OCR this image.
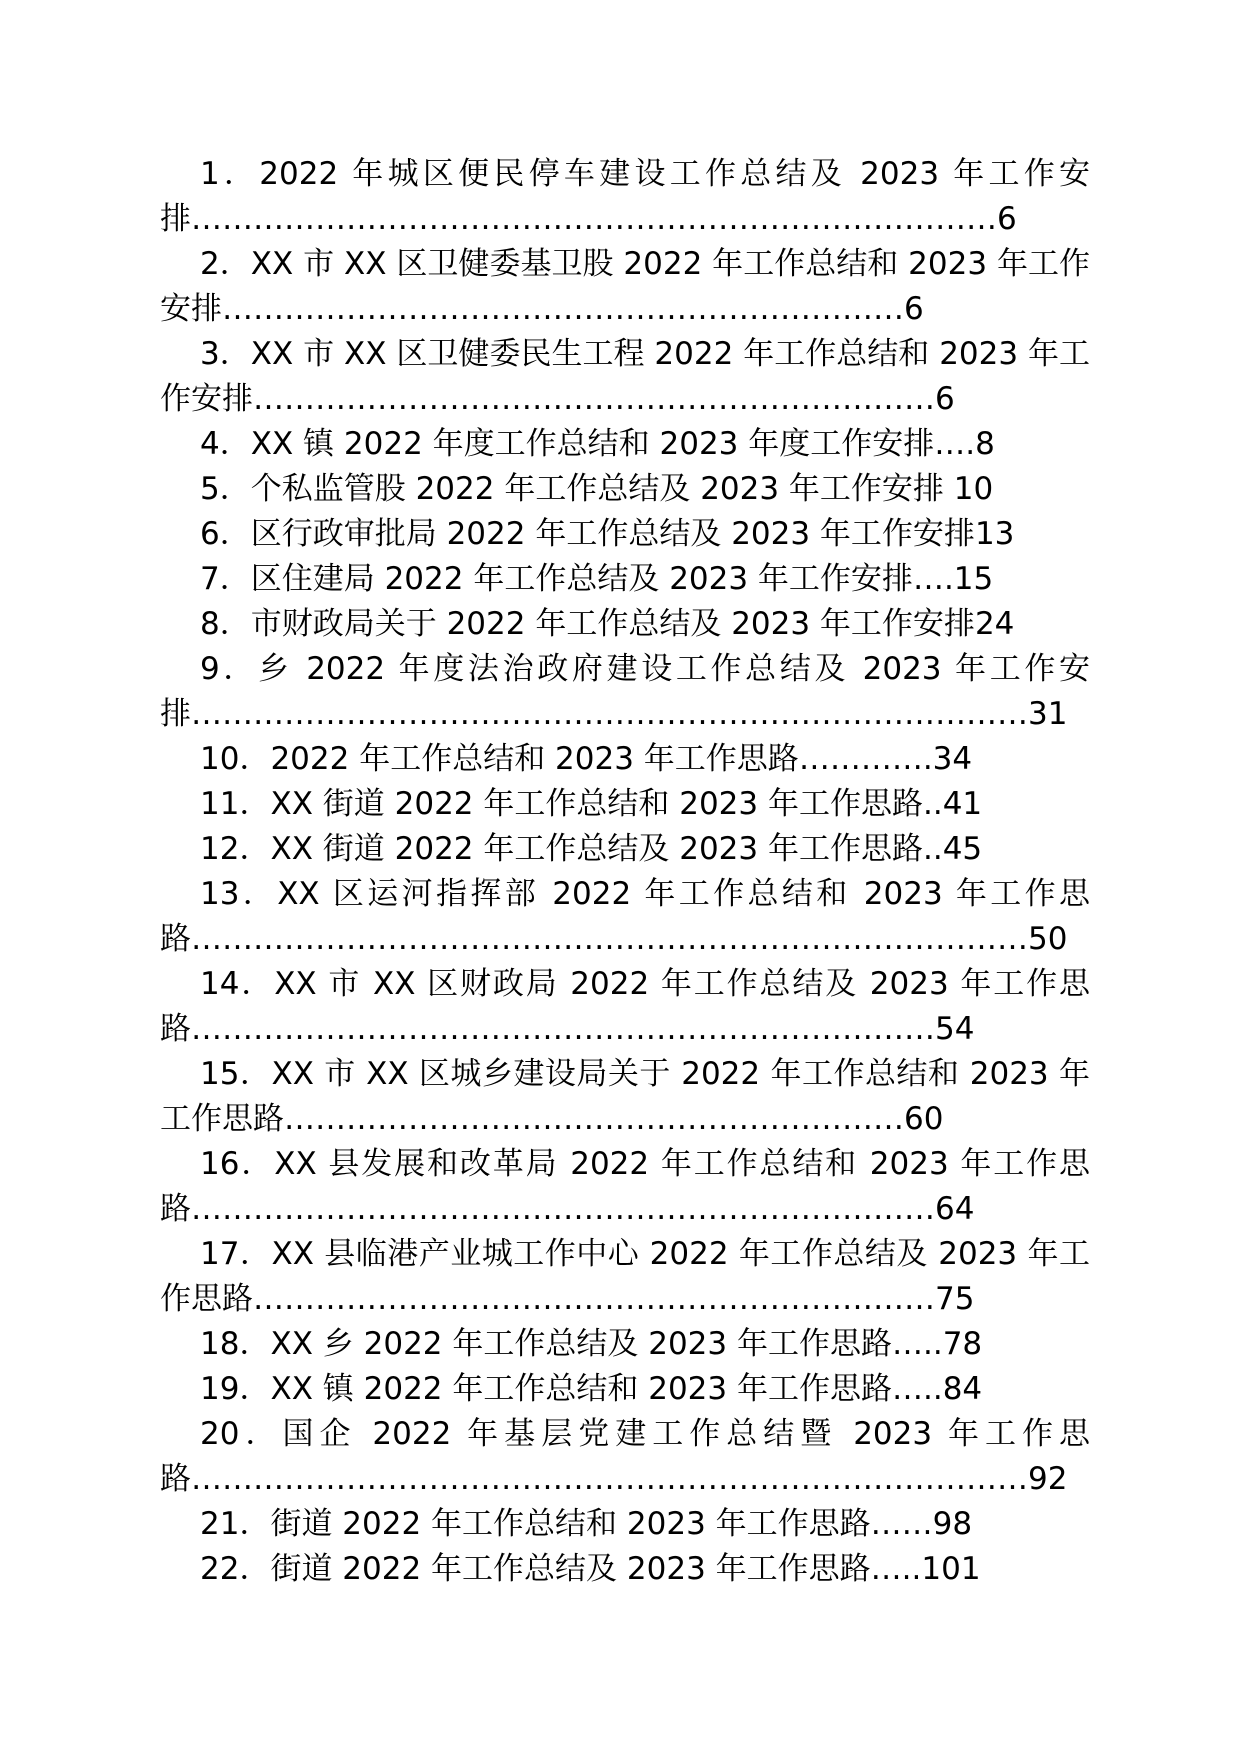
1．2022 年城区便民停车建设工作总结及 2023 年工作安排……………………………………………………………………6
2．XX 市 XX 区卫健委基卫股 2022 年工作总结和 2023 年工作安排…………………………………………………………6
3．XX 市 XX 区卫健委民生工程 2022 年工作总结和 2023 年工作安排…………………………………………………………6
4．XX 镇 2022 年度工作总结和 2023 年度工作安排….8
5．个私监管股 2022 年工作总结及 2023 年工作安排 10
6．区行政审批局 2022 年工作总结及 2023 年工作安排13
7．区住建局 2022 年工作总结及 2023 年工作安排….15
8．市财政局关于 2022 年工作总结及 2023 年工作安排24
9．乡 2022 年度法治政府建设工作总结及 2023 年工作安排………………………………………………………………………31
10．2022 年工作总结和 2023 年工作思路………….34
11．XX 街道 2022 年工作总结和 2023 年工作思路..41
12．XX 街道 2022 年工作总结及 2023 年工作思路..45
13．XX 区运河指挥部 2022 年工作总结和 2023 年工作思路………………………………………………………………………50
14．XX 市 XX 区财政局 2022 年工作总结及 2023 年工作思路………………………………………………………………54
15．XX 市 XX 区城乡建设局关于 2022 年工作总结和 2023 年工作思路……………………………………………………60
16．XX 县发展和改革局 2022 年工作总结和 2023 年工作思路………………………………………………………………64
17．XX 县临港产业城工作中心 2022 年工作总结及 2023 年工作思路…………………………………………………………75
18．XX 乡 2022 年工作总结及 2023 年工作思路…..78
19．XX 镇 2022 年工作总结和 2023 年工作思路…..84
20．国企 2022 年基层党建工作总结暨 2023 年工作思路………………………………………………………………………92
21．街道 2022 年工作总结和 2023 年工作思路……98
22．街道 2022 年工作总结及 2023 年工作思路…..101
